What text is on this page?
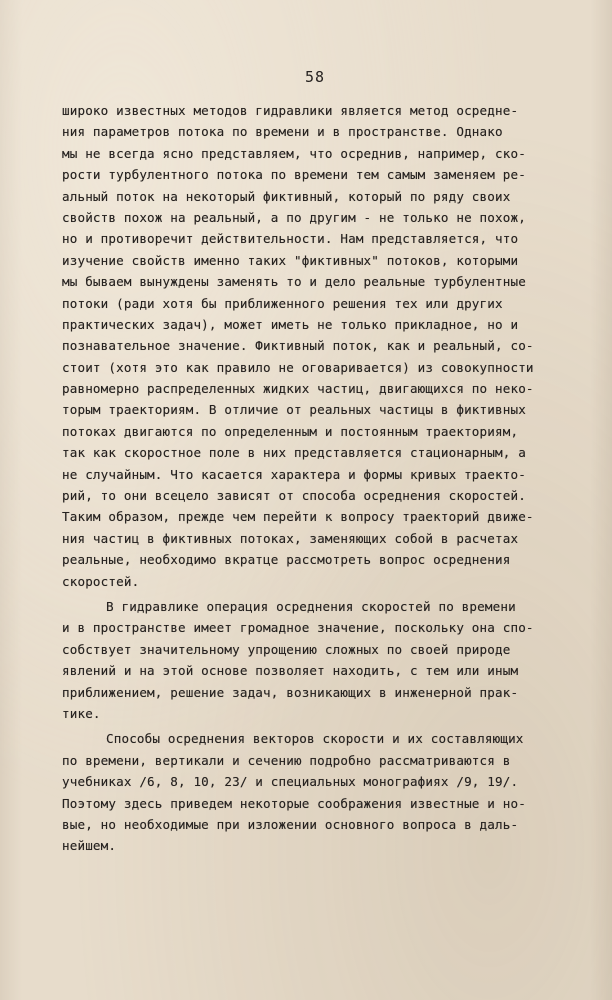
58
широко известных методов гидравлики является метод осредне-
ния параметров потока по времени и в пространстве. Однако
мы не всегда ясно представляем, что осреднив, например, ско-
рости турбулентного потока по времени тем самым заменяем ре-
альный поток на некоторый фиктивный, который по ряду своих
свойств похож на реальный, а по другим - не только не похож,
но и противоречит действительности. Нам представляется, что
изучение свойств именно таких "фиктивных" потоков, которыми
мы бываем вынуждены заменять то и дело реальные турбулентные
потоки (ради хотя бы приближенного решения тех или других
практических задач), может иметь не только прикладное, но и
познавательное значение. Фиктивный поток, как и реальный, со-
стоит (хотя это как правило не оговаривается) из совокупности
равномерно распределенных жидких частиц, двигающихся по неко-
торым траекториям. В отличие от реальных частицы в фиктивных
потоках двигаются по определенным и постоянным траекториям,
так как скоростное поле в них представляется стационарным, а
не случайным. Что касается характера и формы кривых траекто-
рий, то они всецело зависят от способа осреднения скоростей.
Таким образом, прежде чем перейти к вопросу траекторий движе-
ния частиц в фиктивных потоках, заменяющих собой в расчетах
реальные, необходимо вкратце рассмотреть вопрос осреднения
скоростей.
В гидравлике операция осреднения скоростей по времени
и в пространстве имеет громадное значение, поскольку она спо-
собствует значительному упрощению сложных по своей природе
явлений и на этой основе позволяет находить, с тем или иным
приближением, решение задач, возникающих в инженерной прак-
тике.
Способы осреднения векторов скорости и их составляющих
по времени, вертикали и сечению подробно рассматриваются в
учебниках /6, 8, 10, 23/ и специальных монографиях /9, 19/.
Поэтому здесь приведем некоторые соображения известные и но-
вые, но необходимые при изложении основного вопроса в даль-
нейшем.
